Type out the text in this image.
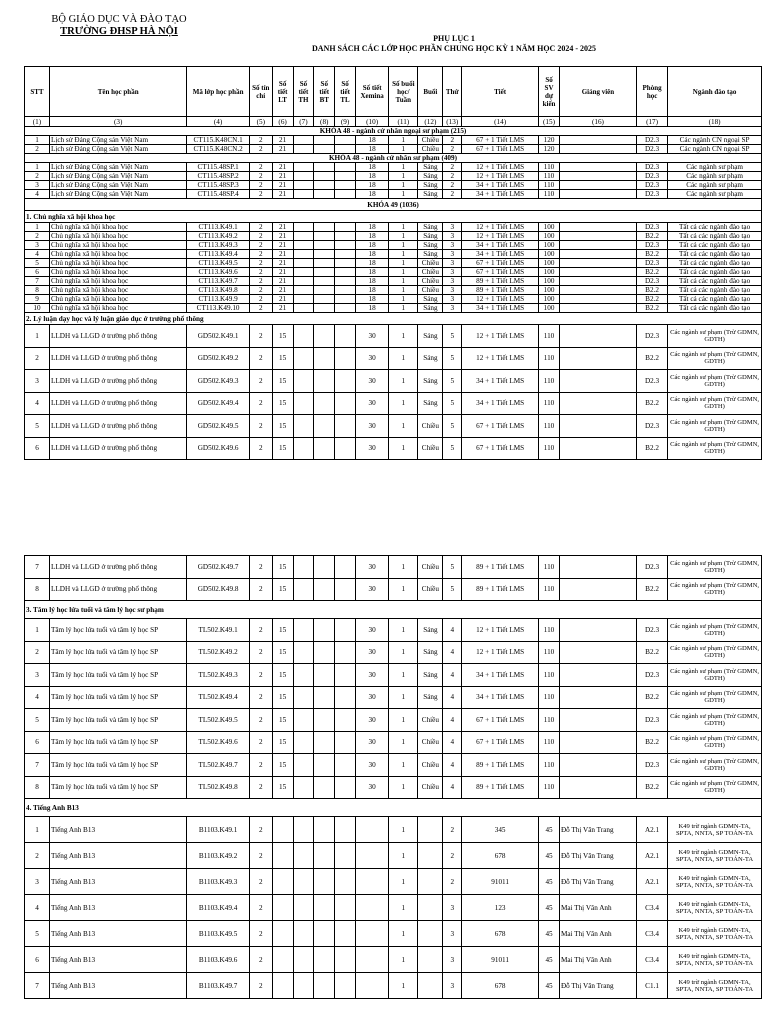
BỘ GIÁO DỤC VÀ ĐÀO TẠO
TRƯỜNG ĐHSP HÀ NỘI
PHỤ LỤC 1
DANH SÁCH CÁC LỚP HỌC PHẦN CHUNG HỌC KỲ 1 NĂM HỌC 2024 - 2025
STT	Tên học phần	Mã lớp học phần	Số tín chỉ	Số tiết LT	Số tiết TH	Số tiết BT	Số tiết TL	Số tiết Xemina	Số buổi học/ Tuần	Buổi	Thứ	Tiết	Số SV dự kiến	Giảng viên	Phòng học	Ngành đào tạo
(1)	(3)	(4)	(5)	(6)	(7)	(8)	(9)	(10)	(11)	(12)	(13)	(14)	(15)	(16)	(17)	(18)
KHÓA 48 - ngành cử nhân ngoại sư phạm (215)																
1	Lịch sử Đảng Cộng sản Việt Nam	CT115.K48CN.1	2	21				18	1	Chiều	2	67 + 1 Tiết LMS	120		D2.3	Các ngành CN ngoại SP
2	Lịch sử Đảng Cộng sản Việt Nam	CT115.K48CN.2	2	21				18	1	Chiều	2	67 + 1 Tiết LMS	120		D2.3	Các ngành CN ngoại SP
KHÓA 48 - ngành cử nhân sư phạm (409)																
1	Lịch sử Đảng Cộng sản Việt Nam	CT115.48SP.1	2	21				18	1	Sáng	2	12 + 1 Tiết LMS	110		D2.3	Các ngành sư phạm
2	Lịch sử Đảng Cộng sản Việt Nam	CT115.48SP.2	2	21				18	1	Sáng	2	12 + 1 Tiết LMS	110		D2.3	Các ngành sư phạm
3	Lịch sử Đảng Cộng sản Việt Nam	CT115.48SP.3	2	21				18	1	Sáng	2	34 + 1 Tiết LMS	110		D2.3	Các ngành sư phạm
4	Lịch sử Đảng Cộng sản Việt Nam	CT115.48SP.4	2	21				18	1	Sáng	2	34 + 1 Tiết LMS	110		D2.3	Các ngành sư phạm
KHÓA 49 (1036)																
1. Chủ nghĩa xã hội khoa học																
1	Chủ nghĩa xã hội khoa học	CT113.K49.1	2	21				18	1	Sáng	3	12 + 1 Tiết LMS	100		D2.3	Tất cả các ngành đào tạo
2	Chủ nghĩa xã hội khoa học	CT113.K49.2	2	21				18	1	Sáng	3	12 + 1 Tiết LMS	100		B2.2	Tất cả các ngành đào tạo
3	Chủ nghĩa xã hội khoa học	CT113.K49.3	2	21				18	1	Sáng	3	34 + 1 Tiết LMS	100		D2.3	Tất cả các ngành đào tạo
4	Chủ nghĩa xã hội khoa học	CT113.K49.4	2	21				18	1	Sáng	3	34 + 1 Tiết LMS	100		B2.2	Tất cả các ngành đào tạo
5	Chủ nghĩa xã hội khoa học	CT113.K49.5	2	21				18	1	Chiều	3	67 + 1 Tiết LMS	100		D2.3	Tất cả các ngành đào tạo
6	Chủ nghĩa xã hội khoa học	CT113.K49.6	2	21				18	1	Chiều	3	67 + 1 Tiết LMS	100		B2.2	Tất cả các ngành đào tạo
7	Chủ nghĩa xã hội khoa học	CT113.K49.7	2	21				18	1	Chiều	3	89 + 1 Tiết LMS	100		D2.3	Tất cả các ngành đào tạo
8	Chủ nghĩa xã hội khoa học	CT113.K49.8	2	21				18	1	Chiều	3	89 + 1 Tiết LMS	100		B2.2	Tất cả các ngành đào tạo
9	Chủ nghĩa xã hội khoa học	CT113.K49.9	2	21				18	1	Sáng	3	12 + 1 Tiết LMS	100		B2.2	Tất cả các ngành đào tạo
10	Chủ nghĩa xã hội khoa học	CT113.K49.10	2	21				18	1	Sáng	3	34 + 1 Tiết LMS	100		B2.2	Tất cả các ngành đào tạo
2. Lý luận dạy học và lý luận giáo dục ở trường phổ thông																
1	LLDH và LLGD ở trường phổ thông	GD502.K49.1	2	15				30	1	Sáng	5	12 + 1 Tiết LMS	110		D2.3	Các ngành sư phạm (Trừ GDMN, GDTH)
2	LLDH và LLGD ở trường phổ thông	GD502.K49.2	2	15				30	1	Sáng	5	12 + 1 Tiết LMS	110		B2.2	Các ngành sư phạm (Trừ GDMN, GDTH)
3	LLDH và LLGD ở trường phổ thông	GD502.K49.3	2	15				30	1	Sáng	5	34 + 1 Tiết LMS	110		D2.3	Các ngành sư phạm (Trừ GDMN, GDTH)
4	LLDH và LLGD ở trường phổ thông	GD502.K49.4	2	15				30	1	Sáng	5	34 + 1 Tiết LMS	110		B2.2	Các ngành sư phạm (Trừ GDMN, GDTH)
5	LLDH và LLGD ở trường phổ thông	GD502.K49.5	2	15				30	1	Chiều	5	67 + 1 Tiết LMS	110		D2.3	Các ngành sư phạm (Trừ GDMN, GDTH)
6	LLDH và LLGD ở trường phổ thông	GD502.K49.6	2	15				30	1	Chiều	5	67 + 1 Tiết LMS	110		B2.2	Các ngành sư phạm (Trừ GDMN, GDTH)
7	LLDH và LLGD ở trường phổ thông	GD502.K49.7	2	15				30	1	Chiều	5	89 + 1 Tiết LMS	110		D2.3	Các ngành sư phạm (Trừ GDMN, GDTH)
8	LLDH và LLGD ở trường phổ thông	GD502.K49.8	2	15				30	1	Chiều	5	89 + 1 Tiết LMS	110		B2.2	Các ngành sư phạm (Trừ GDMN, GDTH)
3. Tâm lý học lứa tuổi và tâm lý học sư phạm																
1	Tâm lý học lứa tuổi và tâm lý học SP	TL502.K49.1	2	15				30	1	Sáng	4	12 + 1 Tiết LMS	110		D2.3	Các ngành sư phạm (Trừ GDMN, GDTH)
2	Tâm lý học lứa tuổi và tâm lý học SP	TL502.K49.2	2	15				30	1	Sáng	4	12 + 1 Tiết LMS	110		B2.2	Các ngành sư phạm (Trừ GDMN, GDTH)
3	Tâm lý học lứa tuổi và tâm lý học SP	TL502.K49.3	2	15				30	1	Sáng	4	34 + 1 Tiết LMS	110		D2.3	Các ngành sư phạm (Trừ GDMN, GDTH)
4	Tâm lý học lứa tuổi và tâm lý học SP	TL502.K49.4	2	15				30	1	Sáng	4	34 + 1 Tiết LMS	110		B2.2	Các ngành sư phạm (Trừ GDMN, GDTH)
5	Tâm lý học lứa tuổi và tâm lý học SP	TL502.K49.5	2	15				30	1	Chiều	4	67 + 1 Tiết LMS	110		D2.3	Các ngành sư phạm (Trừ GDMN, GDTH)
6	Tâm lý học lứa tuổi và tâm lý học SP	TL502.K49.6	2	15				30	1	Chiều	4	67 + 1 Tiết LMS	110		B2.2	Các ngành sư phạm (Trừ GDMN, GDTH)
7	Tâm lý học lứa tuổi và tâm lý học SP	TL502.K49.7	2	15				30	1	Chiều	4	89 + 1 Tiết LMS	110		D2.3	Các ngành sư phạm (Trừ GDMN, GDTH)
8	Tâm lý học lứa tuổi và tâm lý học SP	TL502.K49.8	2	15				30	1	Chiều	4	89 + 1 Tiết LMS	110		B2.2	Các ngành sư phạm (Trừ GDMN, GDTH)
4. Tiếng Anh B13																
1	Tiếng Anh B13	B1103.K49.1	2						1		2	345	45	Đỗ Thị Vân Trang	A2.1	K49 trừ ngành GDMN-TA, SPTA, NNTA, SP TOÁN-TA
2	Tiếng Anh B13	B1103.K49.2	2						1		2	678	45	Đỗ Thị Vân Trang	A2.1	K49 trừ ngành GDMN-TA, SPTA, NNTA, SP TOÁN-TA
3	Tiếng Anh B13	B1103.K49.3	2						1		2	91011	45	Đỗ Thị Vân Trang	A2.1	K49 trừ ngành GDMN-TA, SPTA, NNTA, SP TOÁN-TA
4	Tiếng Anh B13	B1103.K49.4	2						1		3	123	45	Mai Thị Vân Anh	C3.4	K49 trừ ngành GDMN-TA, SPTA, NNTA, SP TOÁN-TA
5	Tiếng Anh B13	B1103.K49.5	2						1		3	678	45	Mai Thị Vân Anh	C3.4	K49 trừ ngành GDMN-TA, SPTA, NNTA, SP TOÁN-TA
6	Tiếng Anh B13	B1103.K49.6	2						1		3	91011	45	Mai Thị Vân Anh	C3.4	K49 trừ ngành GDMN-TA, SPTA, NNTA, SP TOÁN-TA
7	Tiếng Anh B13	B1103.K49.7	2						1		3	678	45	Đỗ Thị Vân Trang	C1.1	K49 trừ ngành GDMN-TA, SPTA, NNTA, SP TOÁN-TA
